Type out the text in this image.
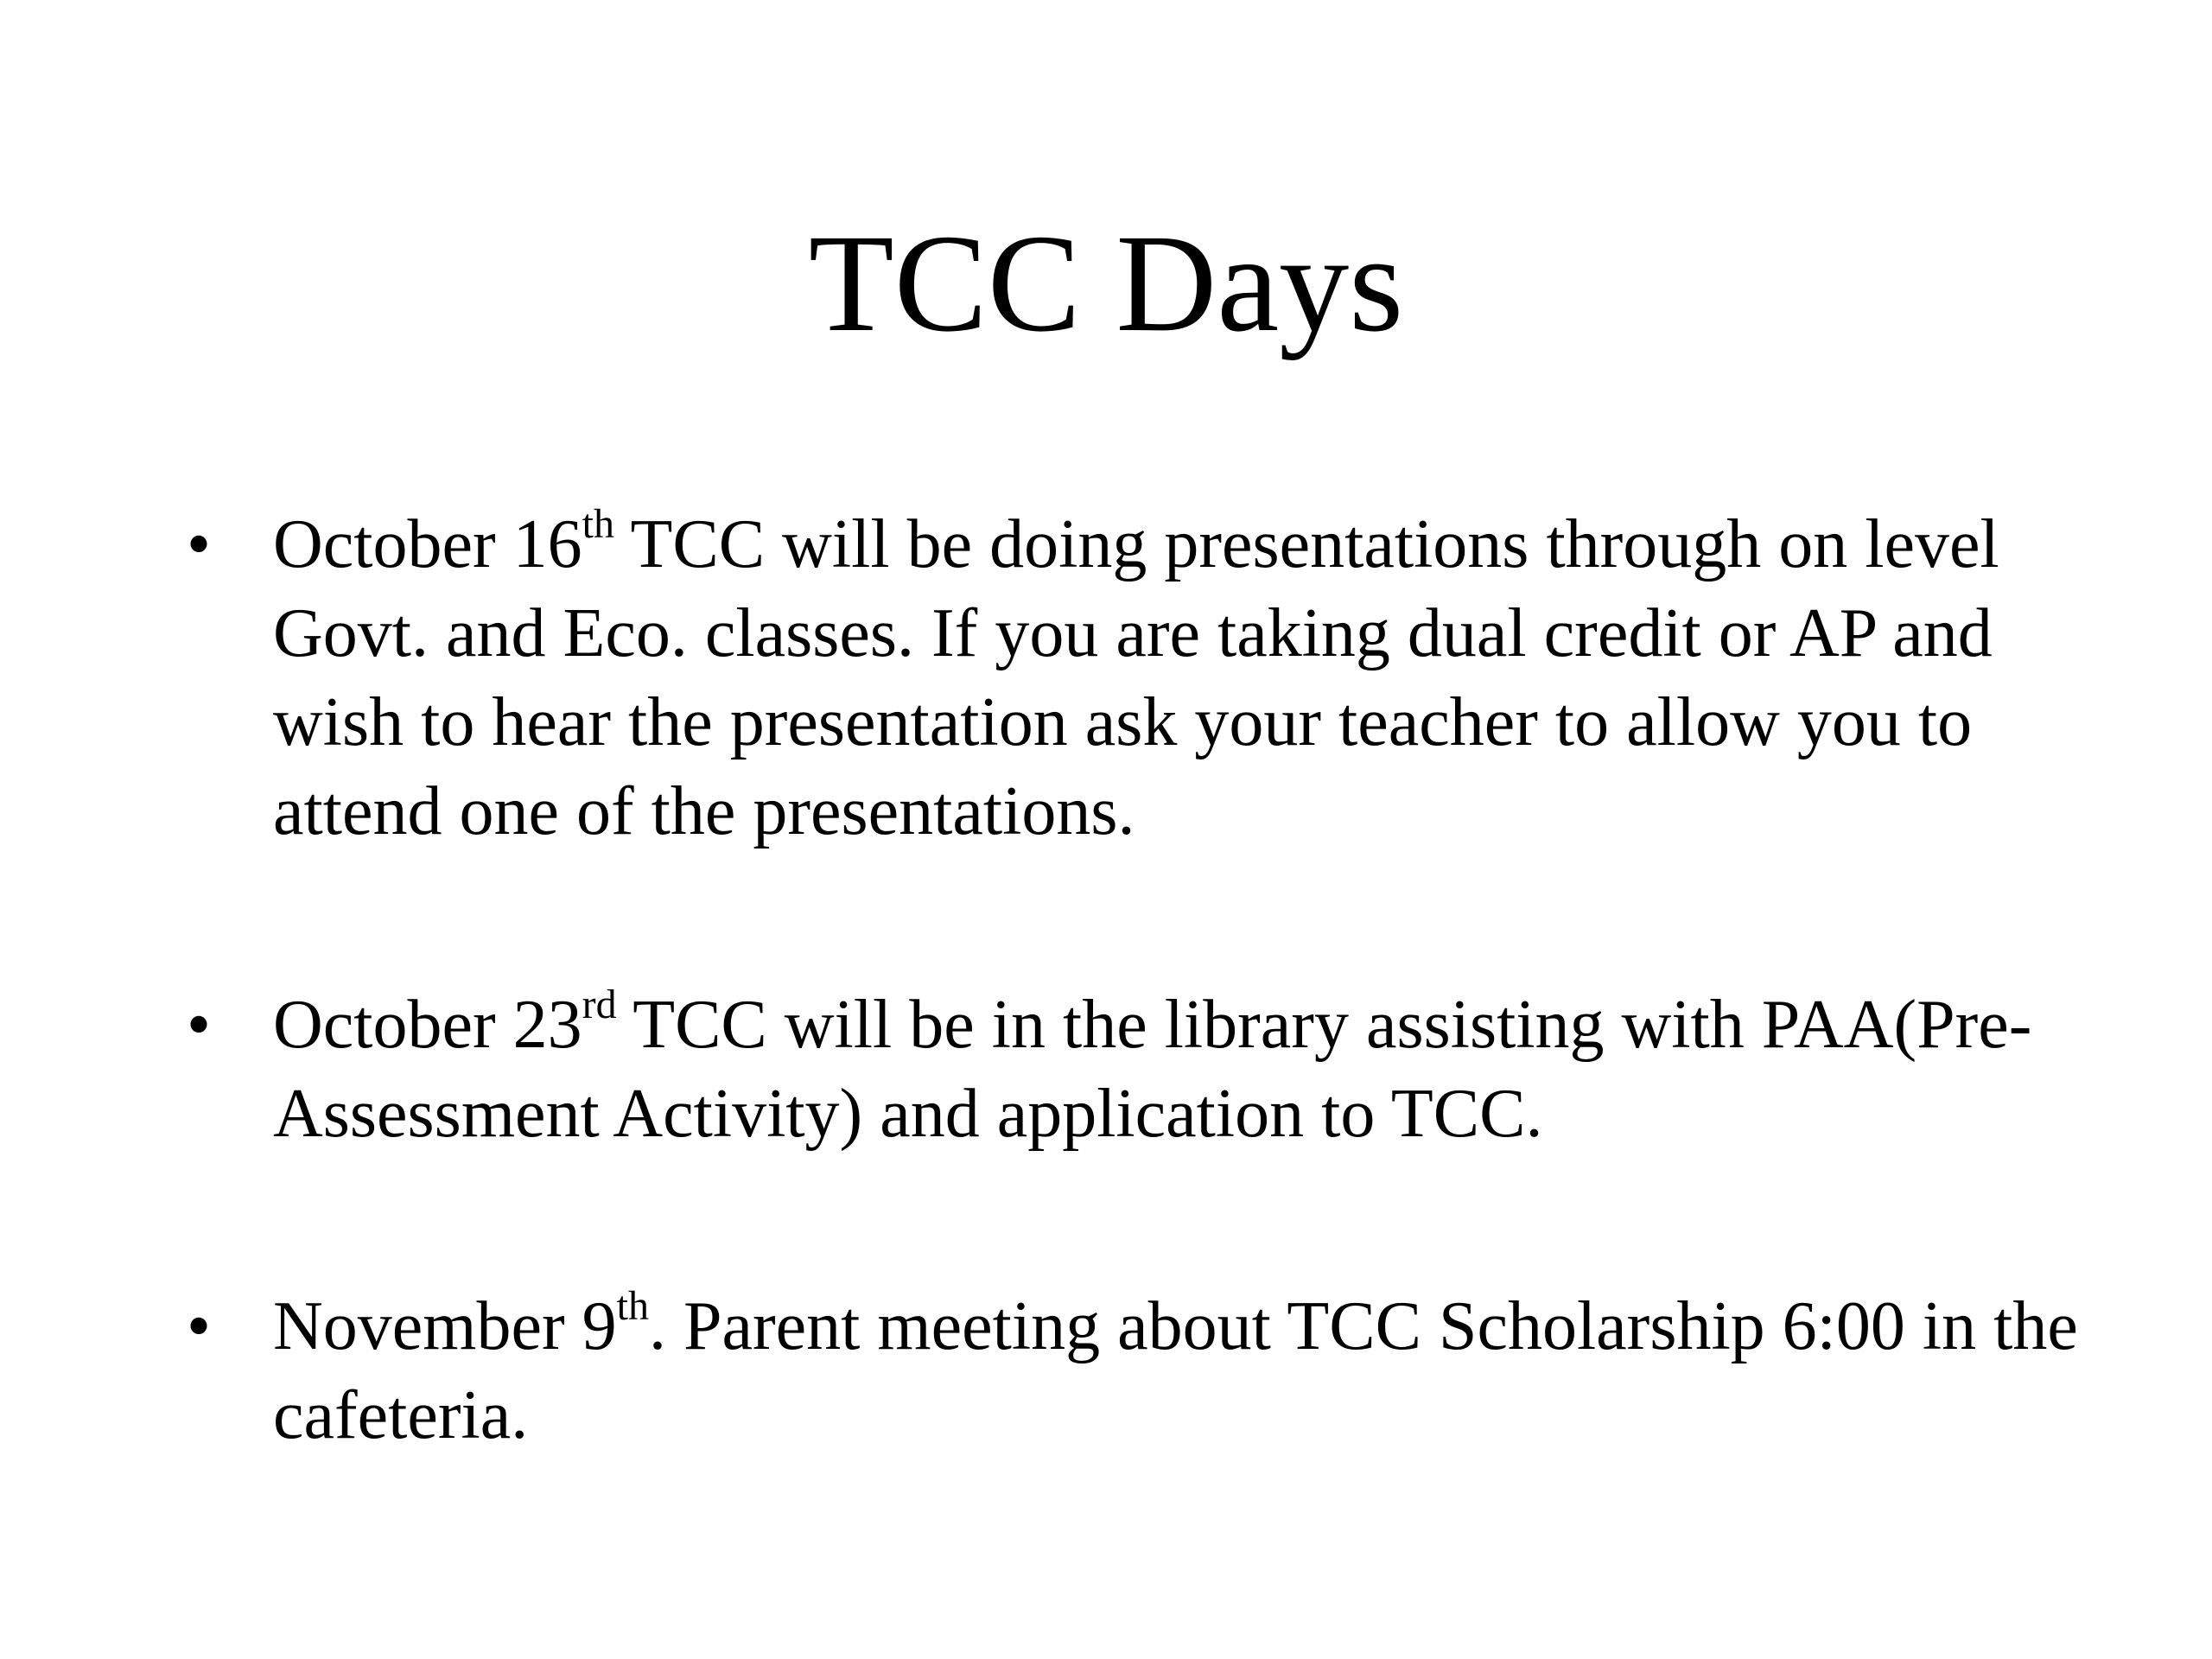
TCC Days
• October 16th TCC will be doing presentations through on level Govt. and Eco. classes. If you are taking dual credit or AP and wish to hear the presentation ask your teacher to allow you to attend one of the presentations.
• October 23rd TCC will be in the library assisting with PAA(Pre-Assessment Activity) and application to TCC.
• November 9th. Parent meeting about TCC Scholarship 6:00 in the cafeteria.
